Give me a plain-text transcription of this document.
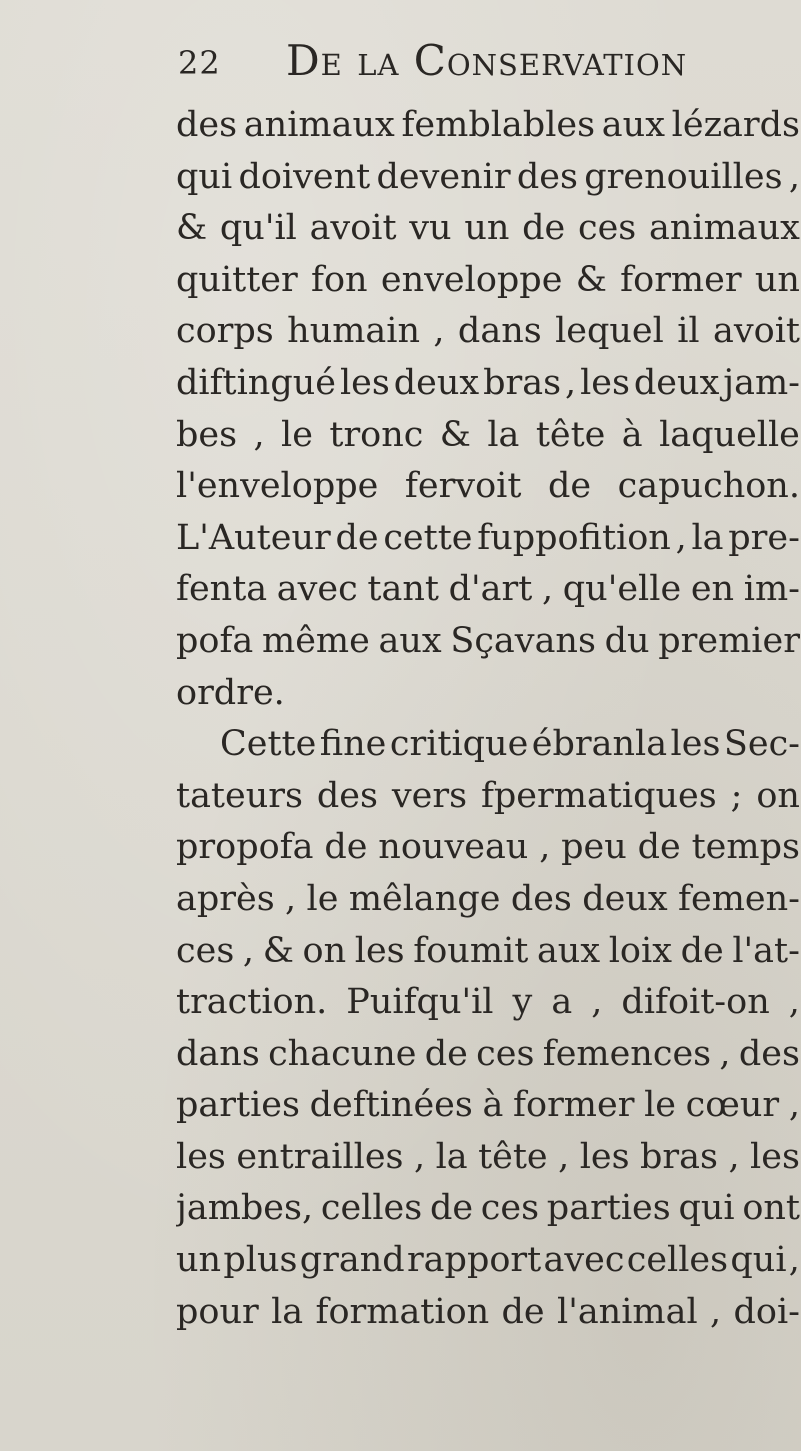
22 De la Conservation
des animaux femblables aux lézards
qui doivent devenir des grenouilles ,
& qu'il avoit vu un de ces animaux
quitter fon enveloppe & former un
corps humain , dans lequel il avoit
diftingué les deux bras , les deux jam-
bes , le tronc & la tête à laquelle
l'enveloppe fervoit de capuchon.
L'Auteur de cette fuppofition , la pre-
fenta avec tant d'art , qu'elle en im-
pofa même aux Sçavans du premier
ordre.
Cette fine critique ébranla les Sec-
tateurs des vers fpermatiques ; on
propofa de nouveau , peu de temps
après , le mêlange des deux femen-
ces , & on les foumit aux loix de l'at-
traction. Puifqu'il y a , difoit-on ,
dans chacune de ces femences , des
parties deftinées à former le cœur ,
les entrailles , la tête , les bras , les
jambes, celles de ces parties qui ont
un plus grand rapport avec celles qui ,
pour la formation de l'animal , doi-
